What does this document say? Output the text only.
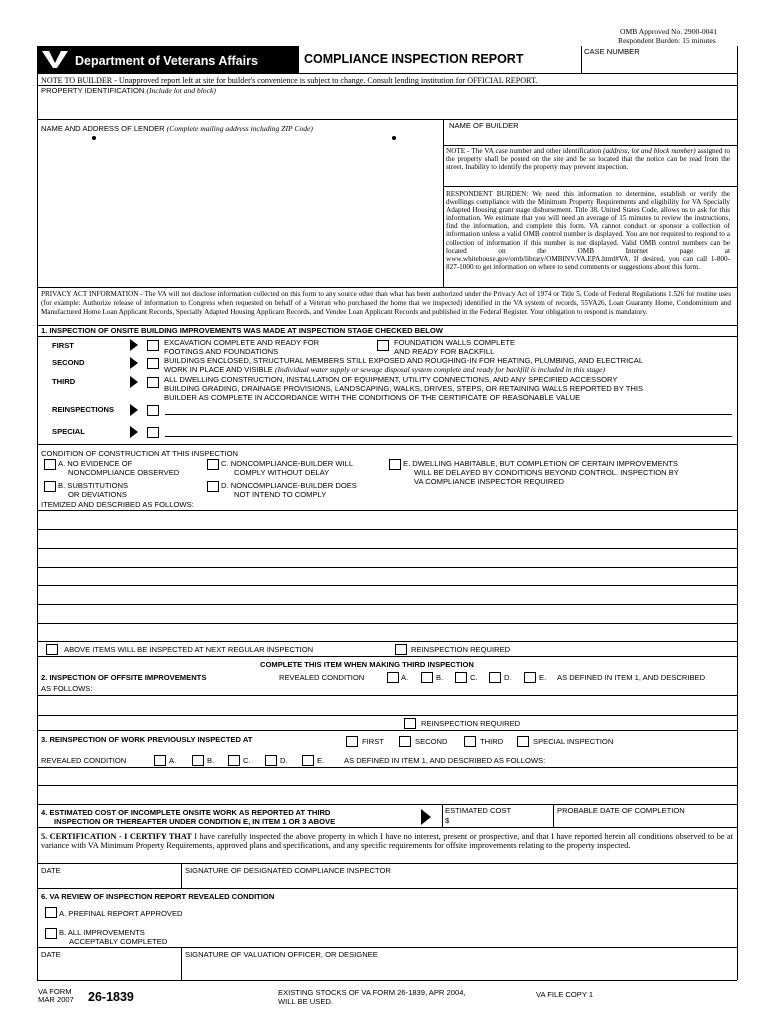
OMB Approved No. 2900-0041
Respondent Burden: 15 minutes
Department of Veterans Affairs	COMPLIANCE INSPECTION REPORT
CASE NUMBER
NOTE TO BUILDER - Unapproved report left at site for builder's convenience is subject to change. Consult lending institution for OFFICIAL REPORT.
PROPERTY IDENTIFICATION (Include lot and block)
NAME AND ADDRESS OF LENDER (Complete mailing address including ZIP Code)	NAME OF BUILDER
NOTE - The VA case number and other identification (address, lot and block number) assigned to the property shall be posted on the site and be so located that the notice can be read from the street. Inability to identify the property may prevent inspection.
RESPONDENT BURDEN: We need this information to determine, establish or verify the dwellings compliance with the Minimum Property Requirements and eligibility for VA Specially Adapted Housing grant stage disbursement. Title 38, United States Code, allows us to ask for this information. We estimate that you will need an average of 15 minutes to review the instructions, find the information, and complete this form. VA cannot conduct or sponsor a collection of information unless a valid OMB control number is displayed. You are not required to respond to a collection of information if this number is not displayed. Valid OMB control numbers can be located on the OMB Internet page at www.whitehouse.gov/omb/library/OMBINV.VA.EPA.html#VA. If desired, you can call 1-800-827-1000 to get information on where to send comments or suggestions about this form.
PRIVACY ACT INFORMATION - The VA will not disclose information collected on this form to any source other than what has been authorized under the Privacy Act of 1974 or Title 5, Code of Federal Regulations 1.526 for routine uses (for example: Authorize release of information to Congress when requested on behalf of a Veteran who purchased the home that we inspected) identified in the VA system of records, 55VA26, Loan Guaranty Home, Condominium and Manufactured Home Loan Applicant Records, Specially Adapted Housing Applicant Records, and Vendee Loan Applicant Records and published in the Federal Register. Your obligation to respond is mandatory.
1. INSPECTION OF ONSITE BUILDING IMPROVEMENTS WAS MADE AT INSPECTION STAGE CHECKED BELOW
FIRST	EXCAVATION COMPLETE AND READY FOR
FOOTINGS AND FOUNDATIONS
FOUNDATION WALLS COMPLETE
AND READY FOR BACKFILL
SECOND	BUILDINGS ENCLOSED, STRUCTURAL MEMBERS STILL EXPOSED AND ROUGHING-IN FOR HEATING, PLUMBING, AND ELECTRICAL
WORK IN PLACE AND VISIBLE (Individual water supply or sewage disposal system complete and ready for backfill is included in this stage)
THIRD	ALL DWELLING CONSTRUCTION, INSTALLATION OF EQUIPMENT, UTILITY CONNECTIONS, AND ANY SPECIFIED ACCESSORY
BUILDING GRADING, DRAINAGE PROVISIONS, LANDSCAPING, WALKS, DRIVES, STEPS, OR RETAINING WALLS REPORTED BY THIS
BUILDER AS COMPLETE IN ACCORDANCE WITH THE CONDITIONS OF THE CERTIFICATE OF REASONABLE VALUE
REINSPECTIONS
SPECIAL
CONDITION OF CONSTRUCTION AT THIS INSPECTION
A. NO EVIDENCE OF
NONCOMPLIANCE OBSERVED
B. SUBSTITUTIONS
OR DEVIATIONS
C. NONCOMPLIANCE-BUILDER WILL
COMPLY WITHOUT DELAY
D. NONCOMPLIANCE-BUILDER DOES
NOT INTEND TO COMPLY
E. DWELLING HABITABLE, BUT COMPLETION OF CERTAIN IMPROVEMENTS
WILL BE DELAYED BY CONDITIONS BEYOND CONTROL. INSPECTION BY
VA COMPLIANCE INSPECTOR REQUIRED
ITEMIZED AND DESCRIBED AS FOLLOWS:
ABOVE ITEMS WILL BE INSPECTED AT NEXT REGULAR INSPECTION	REINSPECTION REQUIRED
COMPLETE THIS ITEM WHEN MAKING THIRD INSPECTION
2. INSPECTION OF OFFSITE IMPROVEMENTS	REVEALED CONDITION	A.	B.	C.	D.	E. AS DEFINED IN ITEM 1, AND DESCRIBED
AS FOLLOWS:
REINSPECTION REQUIRED
3. REINSPECTION OF WORK PREVIOUSLY INSPECTED AT	FIRST	SECOND	THIRD	SPECIAL INSPECTION
REVEALED CONDITION	A.	B.	C.	D.	E.	AS DEFINED IN ITEM 1, AND DESCRIBED AS FOLLOWS:
4. ESTIMATED COST OF INCOMPLETE ONSITE WORK AS REPORTED AT THIRD
INSPECTION OR THEREAFTER UNDER CONDITION E, IN ITEM 1 OR 3 ABOVE
ESTIMATED COST
$
PROBABLE DATE OF COMPLETION
5. CERTIFICATION - I CERTIFY THAT I have carefully inspected the above property in which I have no interest, present or prospective, and that I have reported herein all conditions observed to be at variance with VA Minimum Property Requirements, approved plans and specifications, and any specific requirements for offsite improvements relating to the property inspected.
DATE	SIGNATURE OF DESIGNATED COMPLIANCE INSPECTOR
6. VA REVIEW OF INSPECTION REPORT REVEALED CONDITION
A. PREFINAL REPORT APPROVED
B. ALL IMPROVEMENTS
ACCEPTABLY COMPLETED
DATE	SIGNATURE OF VALUATION OFFICER, OR DESIGNEE
VA FORM
MAR 2007 26-1839	EXISTING STOCKS OF VA FORM 26-1839, APR 2004,
WILL BE USED.
VA FILE COPY 1
